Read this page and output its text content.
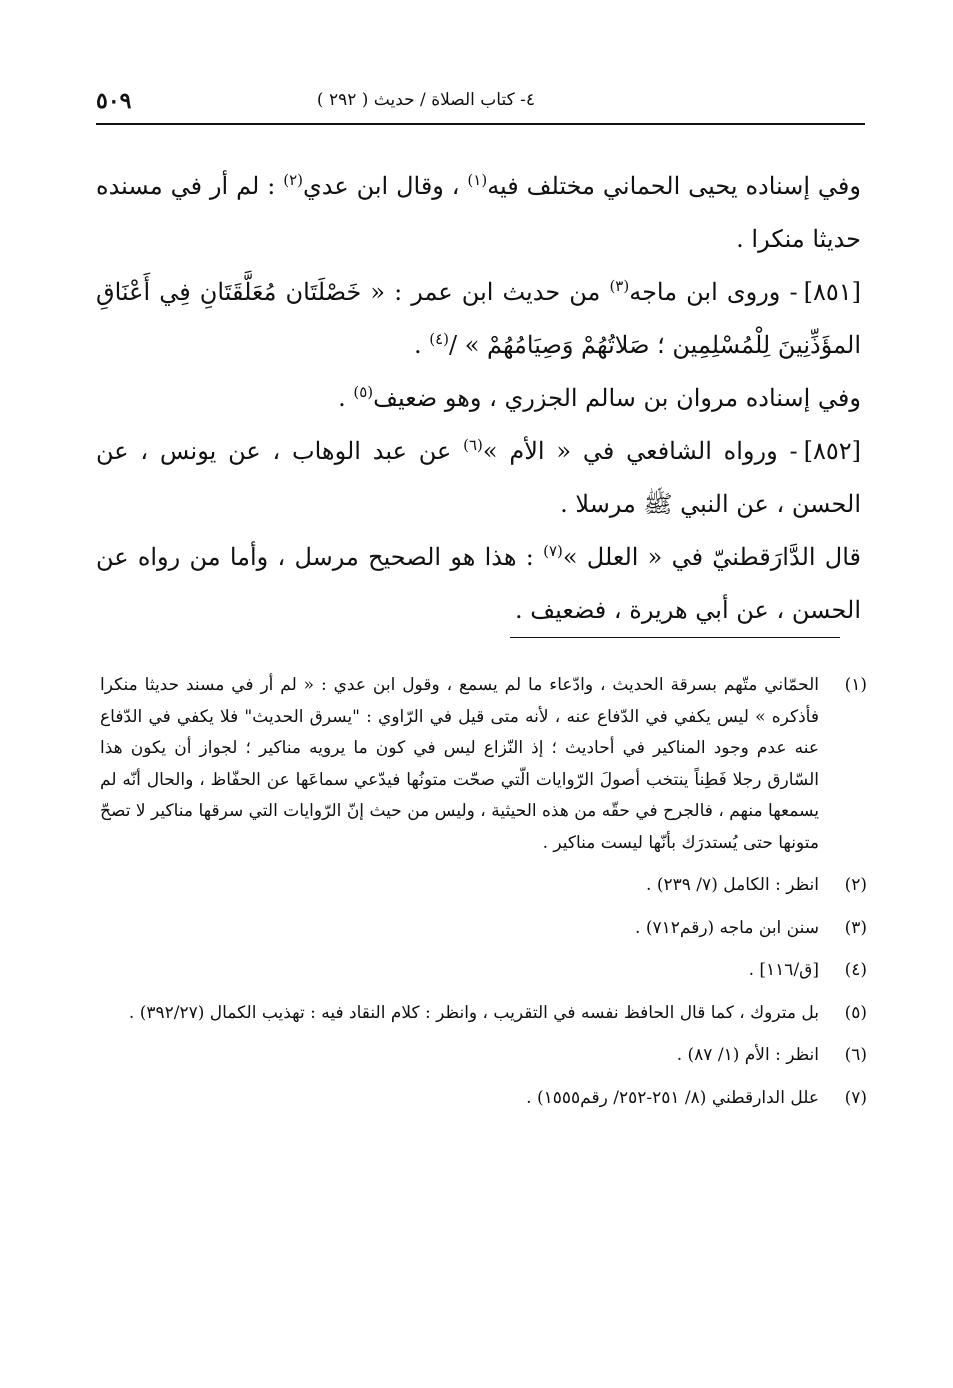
٥٠٩	٤- كتاب الصلاة / حديث ( ٢٩٢ )

وفي إسناده يحيى الحماني مختلف فيه$^{(١)}$ ، وقال ابن عدي$^{(٢)}$ : لم أر في مسنده حديثا منكرا .

[٨٥١]- وروى ابن ماجه$^{(٣)}$ من حديث ابن عمر : « خَصْلَتَان مُعَلَّقَتَانِ فِي أَعْنَاقِ المؤَذِّنِينَ لِلْمُسْلِمِين ؛ صَلاتُهُمْ وَصِيَامُهُمْ » /$^{(٤)}$ .

وفي إسناده مروان بن سالم الجزري ، وهو ضعيف$^{(٥)}$ .

[٨٥٢]- ورواه الشافعي في « الأم »$^{(٦)}$ عن عبد الوهاب ، عن يونس ، عن الحسن ، عن النبي ﷺ مرسلا .

قال الدَّارَقطنيّ في « العلل »$^{(٧)}$ : هذا هو الصحيح مرسل ، وأما من رواه عن الحسن ، عن أبي هريرة ، فضعيف .

(١)
الحمّاني متّهم بسرقة الحديث ، وادّعاء ما لم يسمع ، وقول ابن عدي : « لم أر في مسند حديثا منكرا فأذكره » ليس يكفي في الدّفاع عنه ، لأنه متى قيل في الرّاوي : "يسرق الحديث" فلا يكفي في الدّفاع عنه عدم وجود المناكير في أحاديث ؛ إذ النّزاع ليس في كون ما يرويه مناكير ؛ لجواز أن يكون هذا السّارق رجلا فَطِناً ينتخب أصولَ الرّوايات الّتي صحّت متونُها فيدّعي سماعَها عن الحفّاظ ، والحال أنّه لم يسمعها منهم ، فالجرح في حقّه من هذه الحيثية ، وليس من حيث إنّ الرّوايات التي سرقها مناكير لا تصحّ متونها حتى يُستدرَك بأنّها ليست مناكير .
(٢)
انظر : الكامل (٧/ ٢٣٩) .
(٣)
سنن ابن ماجه (رقم٧١٢) .
(٤)
[ق/١١٦] .
(٥)
بل متروك ، كما قال الحافظ نفسه في التقريب ، وانظر : كلام النقاد فيه : تهذيب الكمال (٣٩٢/٢٧) .
(٦)
انظر : الأم (١/ ٨٧) .
(٧)
علل الدارقطني (٨/ ٢٥١-٢٥٢/ رقم١٥٥٥) .
